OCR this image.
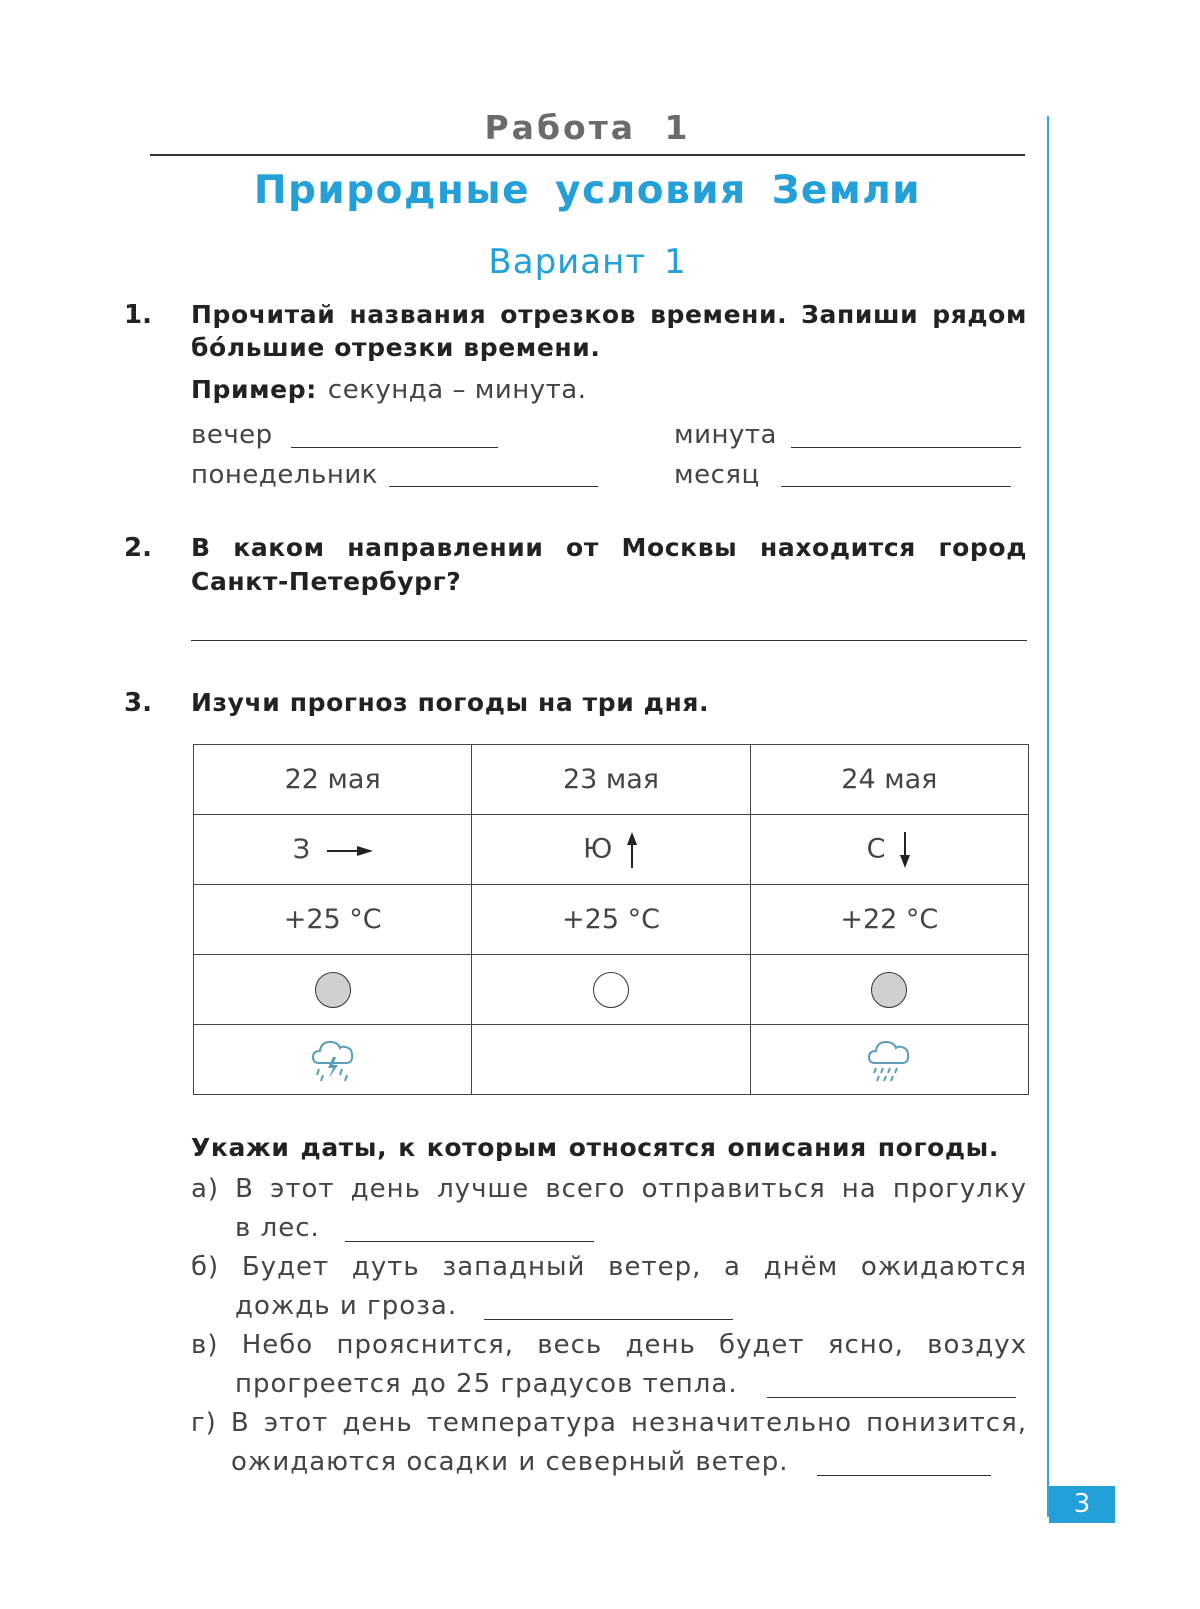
Работа 1
Природные условия Земли
Вариант 1
1. Прочитай названия отрезков времени. Запиши рядом
бóльшие отрезки времени.
Пример: секунда – минута.
вечер	минута
понедельник	месяц
2. В каком направлении от Москвы находится город
Санкт-Петербург?
3. Изучи прогноз погоды на три дня.
22 мая	23 мая	24 мая
З	Ю	С
+25 °С	+25 °С	+22 °С

Укажи даты, к которым относятся описания погоды.
а) В этот день лучше всего отправиться на прогулку
в лес.
б) Будет дуть западный ветер, а днём ожидаются
дождь и гроза.
в) Небо прояснится, весь день будет ясно, воздух
прогреется до 25 градусов тепла.
г) В этот день температура незначительно понизится,
ожидаются осадки и северный ветер.
3
